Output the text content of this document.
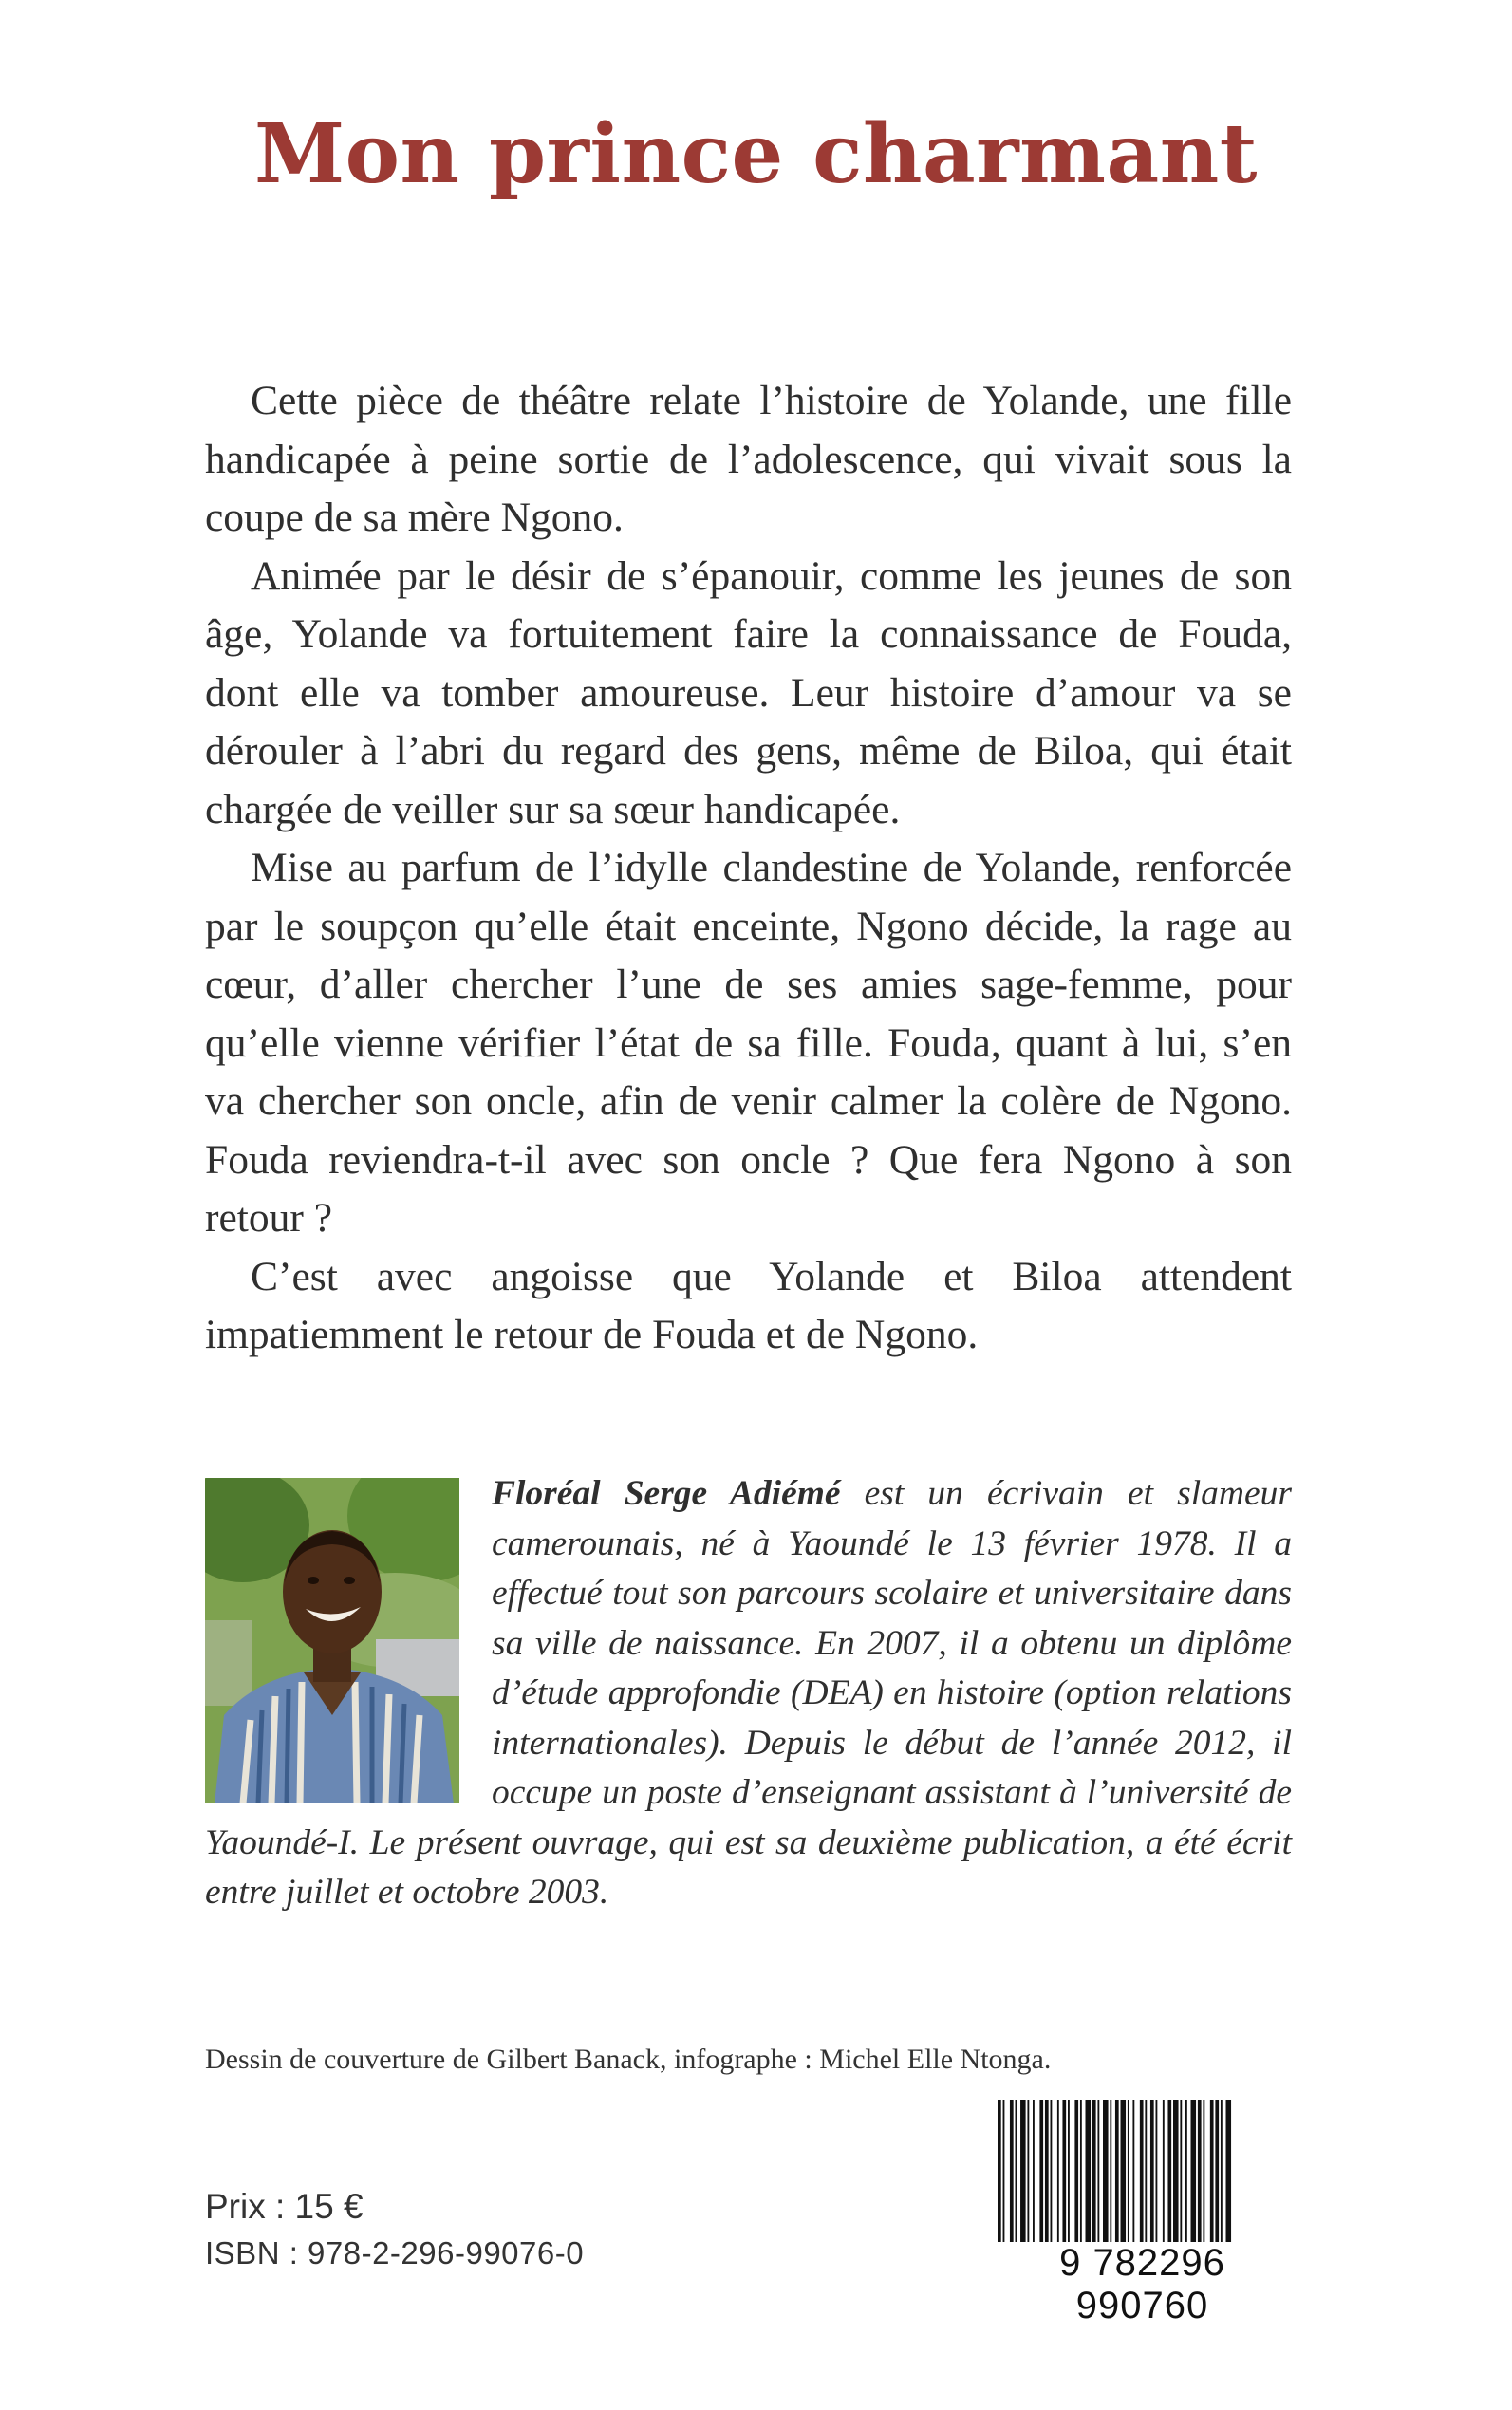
Mon prince charmant

Cette pièce de théâtre relate l’histoire de Yolande, une fille handicapée à peine sortie de l’adolescence, qui vivait sous la coupe de sa mère Ngono.

Animée par le désir de s’épanouir, comme les jeunes de son âge, Yolande va fortuitement faire la connaissance de Fouda, dont elle va tomber amoureuse. Leur histoire d’amour va se dérouler à l’abri du regard des gens, même de Biloa, qui était chargée de veiller sur sa sœur handicapée.

Mise au parfum de l’idylle clandestine de Yolande, renforcée par le soupçon qu’elle était enceinte, Ngono décide, la rage au cœur, d’aller chercher l’une de ses amies sage-femme, pour qu’elle vienne vérifier l’état de sa fille. Fouda, quant à lui, s’en va chercher son oncle, afin de venir calmer la colère de Ngono. Fouda reviendra-t-il avec son oncle ? Que fera Ngono à son retour ?

C’est avec angoisse que Yolande et Biloa attendent impatiemment le retour de Fouda et de Ngono.

Floréal Serge Adiémé est un écrivain et slameur camerounais, né à Yaoundé le 13 février 1978. Il a effectué tout son parcours scolaire et universitaire dans sa ville de naissance. En 2007, il a obtenu un diplôme d’étude approfondie (DEA) en histoire (option relations internationales). Depuis le début de l’année 2012, il occupe un poste d’enseignant assistant à l’université de Yaoundé-I. Le présent ouvrage, qui est sa deuxième publication, a été écrit entre juillet et octobre 2003.

Dessin de couverture de Gilbert Banack, infographe : Michel Elle Ntonga.
Prix : 15 €
ISBN : 978-2-296-99076-0	9 782296 990760
